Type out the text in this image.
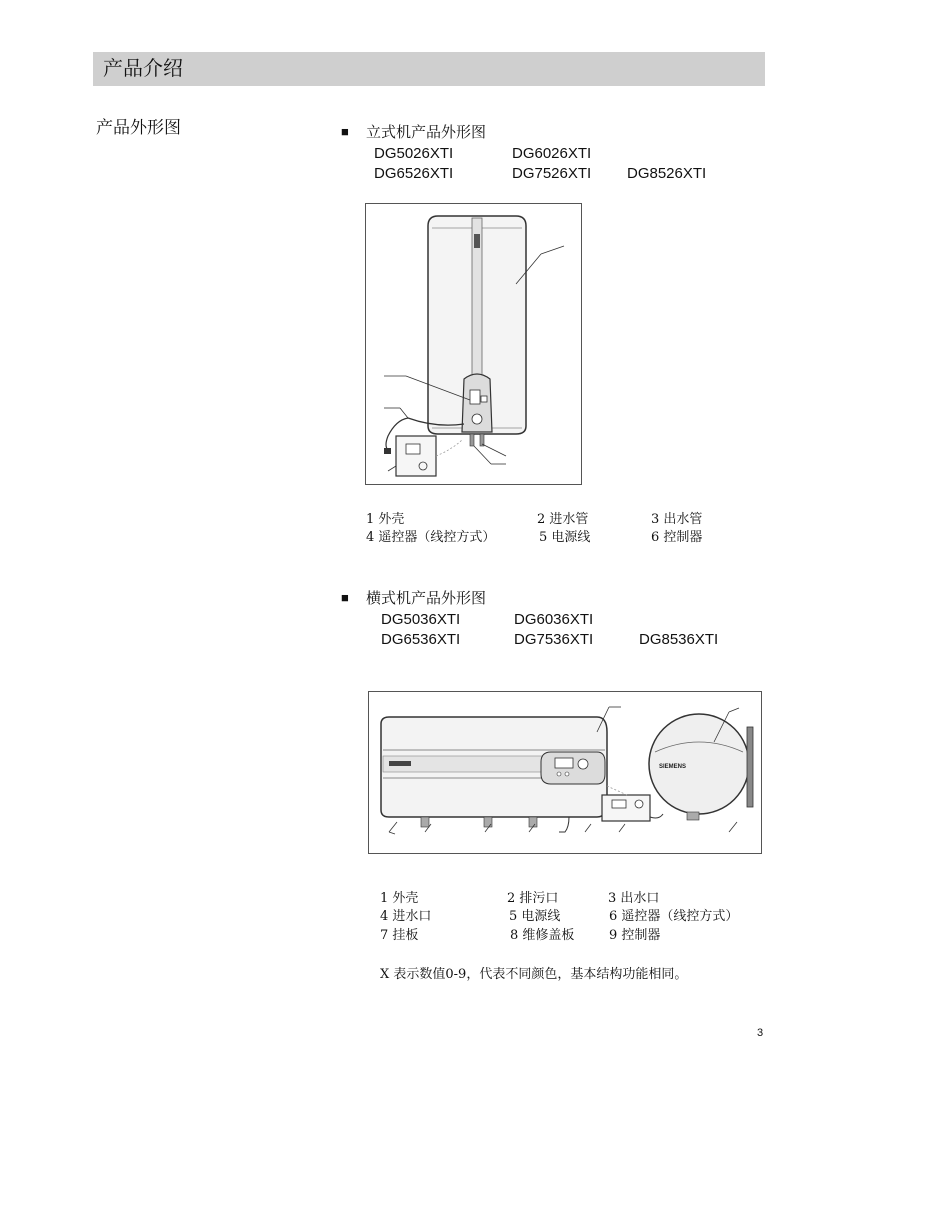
产品介绍
产品外形图	■ 立式机产品外形图
DG5026XTI	DG6026XTI
DG6526XTI	DG7526XTI DG8526XTI
1 外壳	2 进水管	3 出水管
4 遥控器（线控方式）	5 电源线	6 控制器
■ 横式机产品外形图
DG5036XTI	DG6036XTI
DG6536XTI	DG7536XTI	DG8536XTI
SIEMENS
1 外壳	2 排污口	3 出水口
4 进水口	5 电源线	6 遥控器（线控方式）
7 挂板	8 维修盖板	9 控制器
X 表示数值0-9，代表不同颜色，基本结构功能相同。
3
